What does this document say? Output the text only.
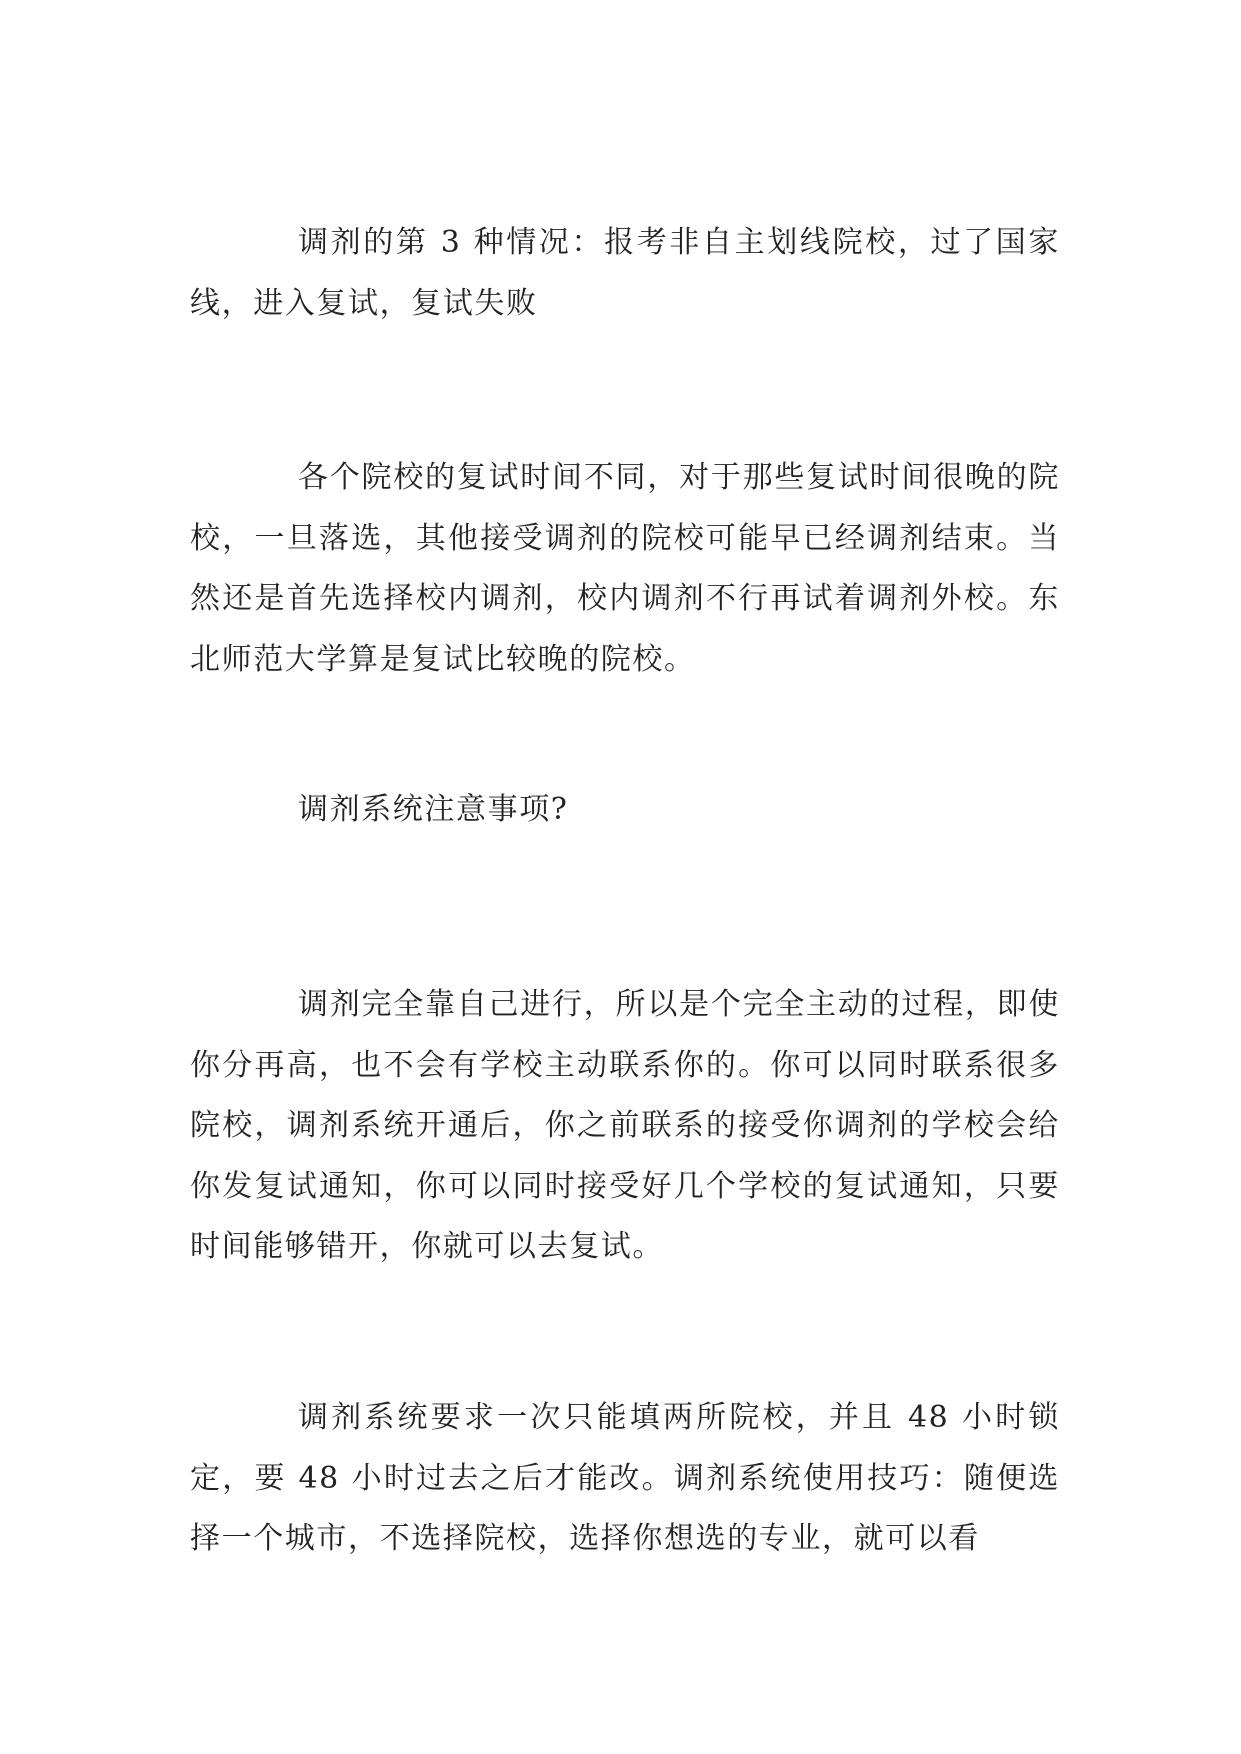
调剂的第 3 种情况：报考非自主划线院校，过了国家线，进入复试，复试失败

各个院校的复试时间不同，对于那些复试时间很晚的院校，一旦落选，其他接受调剂的院校可能早已经调剂结束。当然还是首先选择校内调剂，校内调剂不行再试着调剂外校。东北师范大学算是复试比较晚的院校。

调剂系统注意事项?

调剂完全靠自己进行，所以是个完全主动的过程，即使你分再高，也不会有学校主动联系你的。你可以同时联系很多院校，调剂系统开通后，你之前联系的接受你调剂的学校会给你发复试通知，你可以同时接受好几个学校的复试通知，只要时间能够错开，你就可以去复试。

调剂系统要求一次只能填两所院校，并且 48 小时锁定，要 48 小时过去之后才能改。调剂系统使用技巧：随便选择一个城市，不选择院校，选择你想选的专业，就可以看
